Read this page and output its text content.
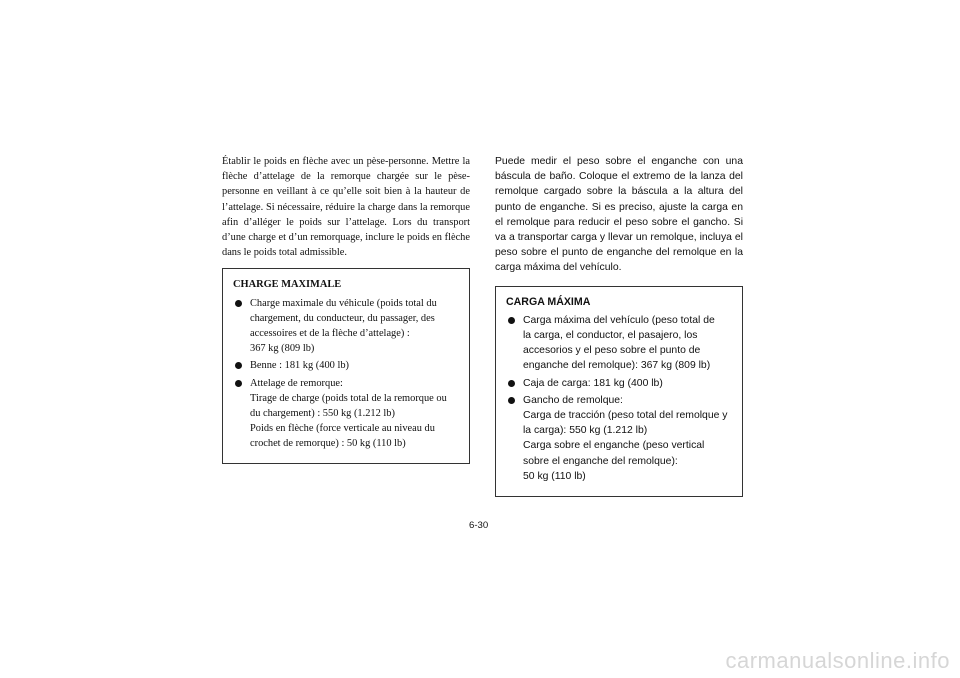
Établir le poids en flèche avec un pèse-personne. Mettre la flèche d’attelage de la remorque chargée sur le pèse-personne en veillant à ce qu’elle soit bien à la hauteur de l’attelage. Si nécessaire, réduire la charge dans la remorque afin d’alléger le poids sur l’attelage. Lors du transport d’une charge et d’un remorquage, inclure le poids en flèche dans le poids total admissible.

CHARGE MAXIMALE
Charge maximale du véhicule (poids total du
chargement, du conducteur, du passager, des
accessoires et de la flèche d’attelage) :
367 kg (809 lb)
Benne : 181 kg (400 lb)
Attelage de remorque:
Tirage de charge (poids total de la remorque ou
du chargement) : 550 kg (1.212 lb)
Poids en flèche (force verticale au niveau du
crochet de remorque) : 50 kg (110 lb)

Puede medir el peso sobre el enganche con una báscula de baño. Coloque el extremo de la lanza del remolque cargado sobre la báscula a la altura del punto de enganche. Si es preciso, ajuste la carga en el remolque para reducir el peso sobre el gancho. Si va a transportar carga y llevar un remolque, incluya el peso sobre el punto de enganche del remolque en la carga máxima del vehículo.

CARGA MÁXIMA
Carga máxima del vehículo (peso total de
la carga, el conductor, el pasajero, los
accesorios y el peso sobre el punto de
enganche del remolque): 367 kg (809 lb)
Caja de carga: 181 kg (400 lb)
Gancho de remolque:
Carga de tracción (peso total del remolque y
la carga): 550 kg (1.212 lb)
Carga sobre el enganche (peso vertical
sobre el enganche del remolque):
50 kg (110 lb)
6-30
carmanualsonline.info
